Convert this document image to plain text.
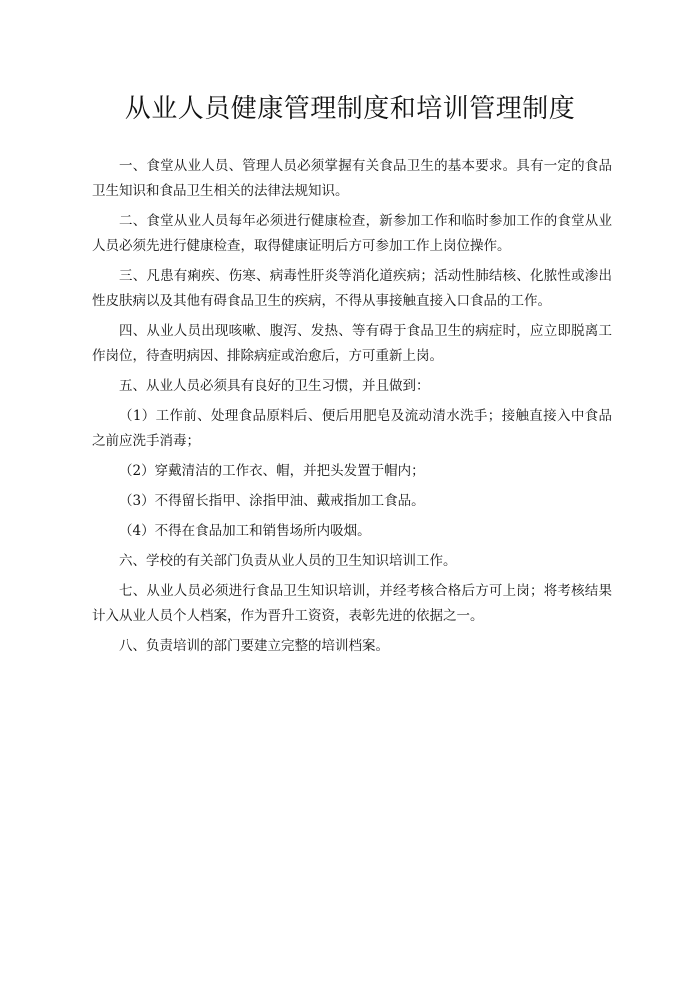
从业人员健康管理制度和培训管理制度

一、食堂从业人员、管理人员必须掌握有关食品卫生的基本要求。具有一定的食品卫生知识和食品卫生相关的法律法规知识。

二、食堂从业人员每年必须进行健康检查，新参加工作和临时参加工作的食堂从业人员必须先进行健康检查，取得健康证明后方可参加工作上岗位操作。

三、凡患有痢疾、伤寒、病毒性肝炎等消化道疾病；活动性肺结核、化脓性或渗出性皮肤病以及其他有碍食品卫生的疾病，不得从事接触直接入口食品的工作。

四、从业人员出现咳嗽、腹泻、发热、等有碍于食品卫生的病症时，应立即脱离工作岗位，待查明病因、排除病症或治愈后，方可重新上岗。

五、从业人员必须具有良好的卫生习惯，并且做到：

（1）工作前、处理食品原料后、便后用肥皂及流动清水洗手；接触直接入中食品之前应洗手消毒；

（2）穿戴清洁的工作衣、帽，并把头发置于帽内；

（3）不得留长指甲、涂指甲油、戴戒指加工食品。

（4）不得在食品加工和销售场所内吸烟。

六、学校的有关部门负责从业人员的卫生知识培训工作。

七、从业人员必须进行食品卫生知识培训，并经考核合格后方可上岗；将考核结果计入从业人员个人档案，作为晋升工资资，表彰先进的依据之一。

八、负责培训的部门要建立完整的培训档案。
